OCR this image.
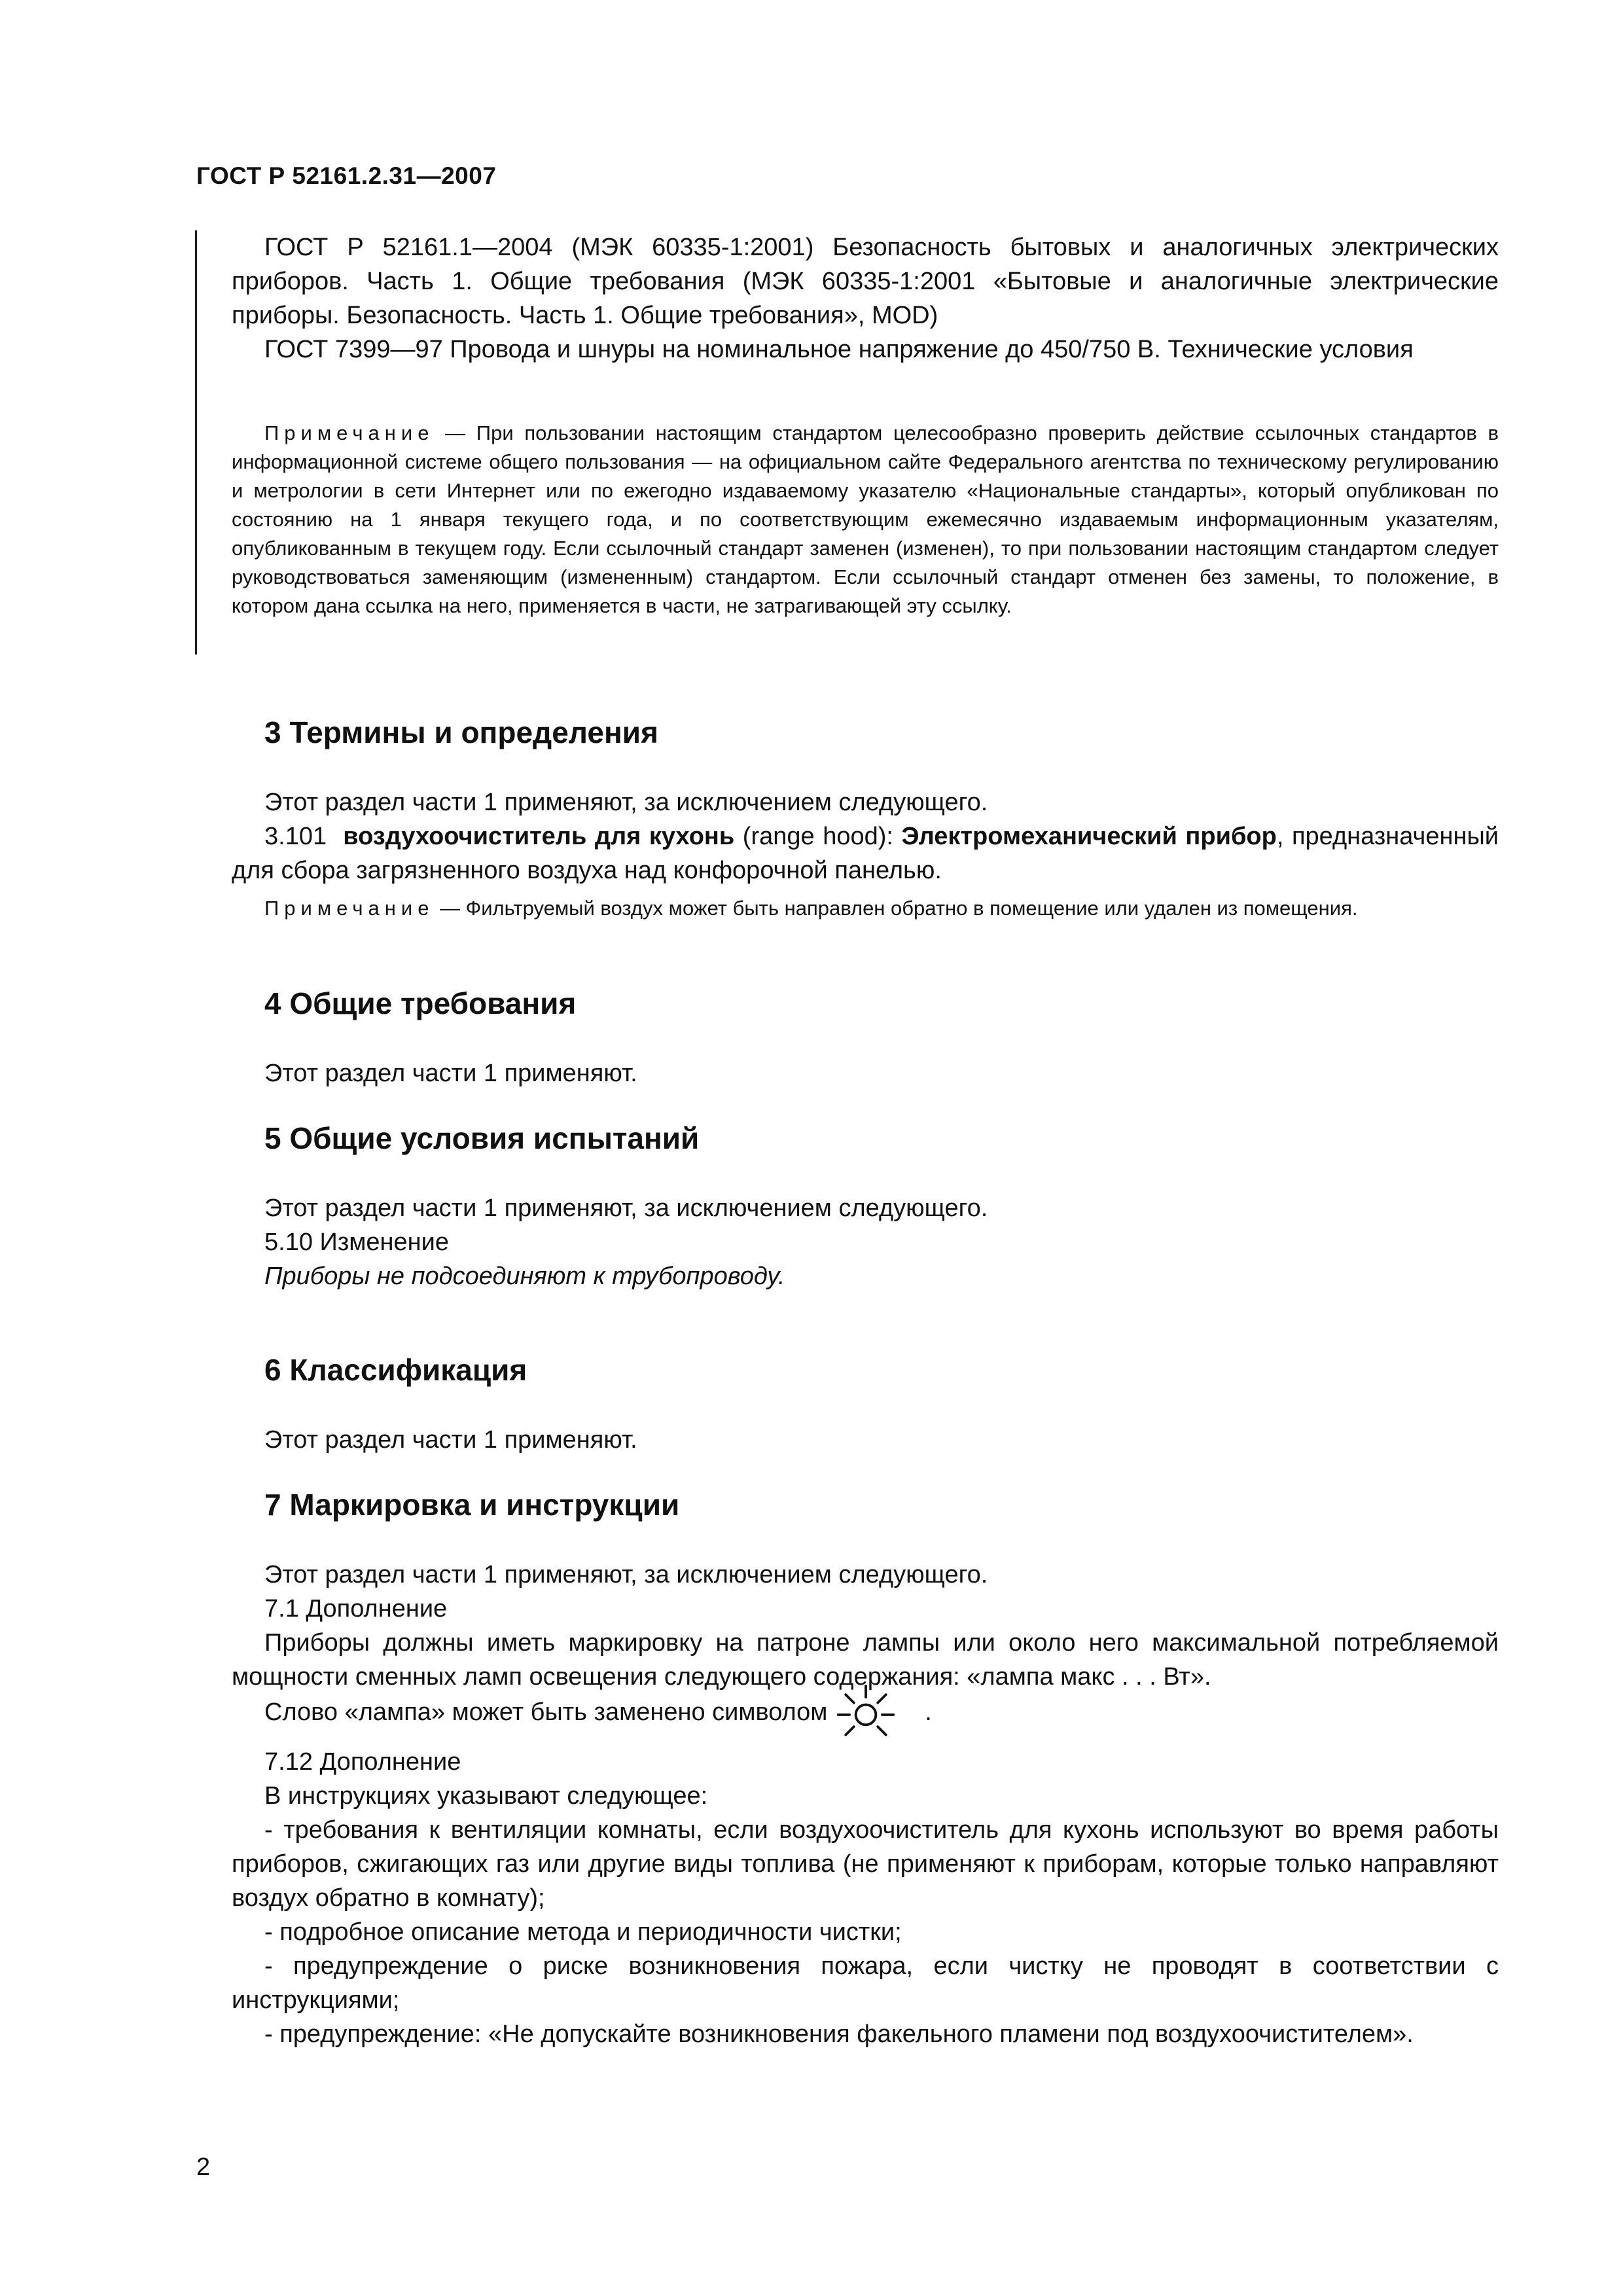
ГОСТ Р 52161.2.31—2007

ГОСТ Р 52161.1—2004 (МЭК 60335-1:2001) Безопасность бытовых и аналогичных электрических приборов. Часть 1. Общие требования (МЭК 60335-1:2001 «Бытовые и аналогичные электрические приборы. Безопасность. Часть 1. Общие требования», MOD)

ГОСТ 7399—97 Провода и шнуры на номинальное напряжение до 450/750 В. Технические условия

Примечание — При пользовании настоящим стандартом целесообразно проверить действие ссылочных стандартов в информационной системе общего пользования — на официальном сайте Федерального агентства по техническому регулированию и метрологии в сети Интернет или по ежегодно издаваемому указателю «Национальные стандарты», который опубликован по состоянию на 1 января текущего года, и по соответствующим ежемесячно издаваемым информационным указателям, опубликованным в текущем году. Если ссылочный стандарт заменен (изменен), то при пользовании настоящим стандартом следует руководствоваться заменяющим (измененным) стандартом. Если ссылочный стандарт отменен без замены, то положение, в котором дана ссылка на него, применяется в части, не затрагивающей эту ссылку.

3 Термины и определения

Этот раздел части 1 применяют, за исключением следующего.

3.101 воздухоочиститель для кухонь (range hood): Электромеханический прибор, предназначенный для сбора загрязненного воздуха над конфорочной панелью.

Примечание — Фильтруемый воздух может быть направлен обратно в помещение или удален из помещения.

4 Общие требования

Этот раздел части 1 применяют.

5 Общие условия испытаний

Этот раздел части 1 применяют, за исключением следующего.

5.10 Изменение

Приборы не подсоединяют к трубопроводу.

6 Классификация

Этот раздел части 1 применяют.

7 Маркировка и инструкции

Этот раздел части 1 применяют, за исключением следующего.

7.1 Дополнение

Приборы должны иметь маркировку на патроне лампы или около него максимальной потребляемой мощности сменных ламп освещения следующего содержания: «лампа макс . . . Вт».

Слово «лампа» может быть заменено символом	.

7.12 Дополнение

В инструкциях указывают следующее:

- требования к вентиляции комнаты, если воздухоочиститель для кухонь используют во время работы приборов, сжигающих газ или другие виды топлива (не применяют к приборам, которые только направляют воздух обратно в комнату);

- подробное описание метода и периодичности чистки;

- предупреждение о риске возникновения пожара, если чистку не проводят в соответствии с инструкциями;

- предупреждение: «Не допускайте возникновения факельного пламени под воздухоочистителем».

2
